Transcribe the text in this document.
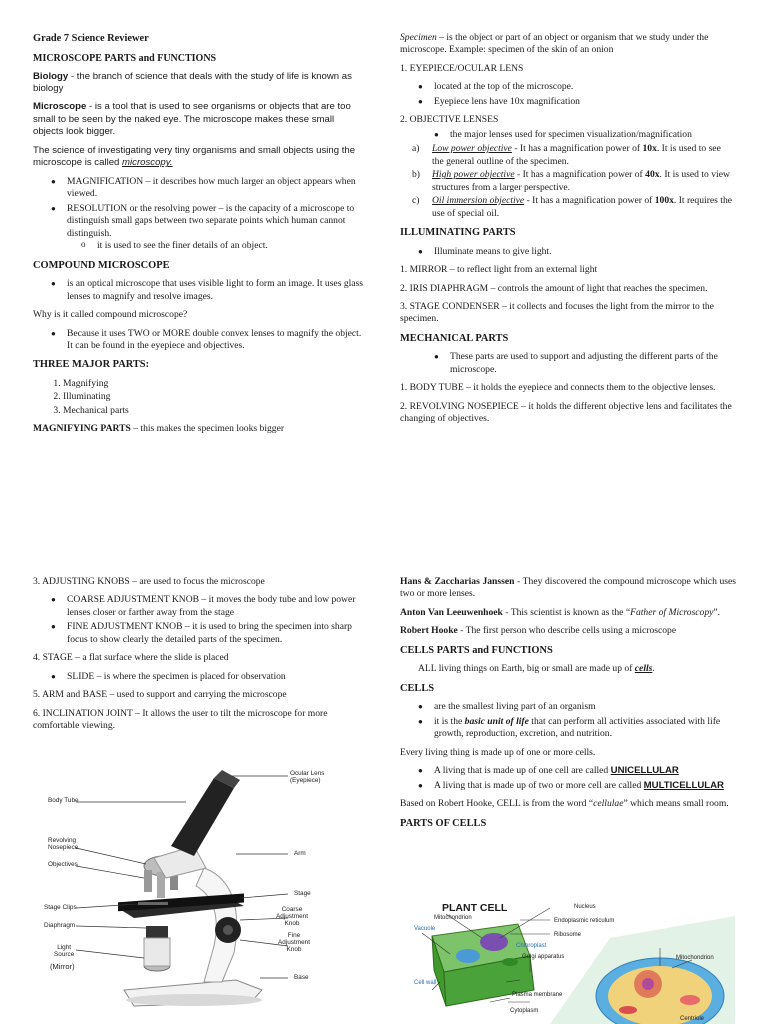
Grade 7 Science Reviewer

MICROSCOPE PARTS and FUNCTIONS

Biology - the branch of science that deals with the study of life is known as biology

Microscope - is a tool that is used to see organisms or objects that are too small to be seen by the naked eye. The microscope makes these small objects look bigger.

The science of investigating very tiny organisms and small objects using the microscope is called microscopy.

● MAGNIFICATION – it describes how much larger an object appears when viewed.
● RESOLUTION or the resolving power – is the capacity of a microscope to distinguish small gaps between two separate points which human cannot distinguish.
o it is used to see the finer details of an object.

COMPOUND MICROSCOPE

● is an optical microscope that uses visible light to form an image. It uses glass lenses to magnify and resolve images.

Why is it called compound microscope?

● Because it uses TWO or MORE double convex lenses to magnify the object. It can be found in the eyepiece and objectives.

THREE MAJOR PARTS:

1. Magnifying
2. Illuminating
3. Mechanical parts

MAGNIFYING PARTS – this makes the specimen looks bigger

Specimen – is the object or part of an object or organism that we study under the microscope. Example: specimen of the skin of an onion

1. EYEPIECE/OCULAR LENS

● located at the top of the microscope.
● Eyepiece lens have 10x magnification

2. OBJECTIVE LENSES

● the major lenses used for specimen visualization/magnification
a) Low power objective - It has a magnification power of 10x. It is used to see the general outline of the specimen.
b) High power objective - It has a magnification power of 40x. It is used to view structures from a larger perspective.
c) Oil immersion objective - It has a magnification power of 100x. It requires the use of special oil.

ILLUMINATING PARTS

● Illuminate means to give light.

1. MIRROR – to reflect light from an external light

2. IRIS DIAPHRAGM – controls the amount of light that reaches the specimen.

3. STAGE CONDENSER – it collects and focuses the light from the mirror to the specimen.

MECHANICAL PARTS

● These parts are used to support and adjusting the different parts of the microscope.

1. BODY TUBE – it holds the eyepiece and connects them to the objective lenses.

2. REVOLVING NOSEPIECE – it holds the different objective lens and facilitates the changing of objectives.

3. ADJUSTING KNOBS – are used to focus the microscope

● COARSE ADJUSTMENT KNOB – it moves the body tube and low power lenses closer or farther away from the stage
● FINE ADJUSTMENT KNOB – it is used to bring the specimen into sharp focus to show clearly the detailed parts of the specimen.

4. STAGE – a flat surface where the slide is placed

● SLIDE – is where the specimen is placed for observation

5. ARM and BASE – used to support and carrying the microscope

6. INCLINATION JOINT – It allows the user to tilt the microscope for more comfortable viewing.

Ocular Lens
(Eyepiece)
Body Tube
Revolving
Nosepiece
Objectives
Arm
Stage
Stage Clips
Diaphragm
Coarse
Adjustment
Knob
Fine
Adjustment
Knob
Light
Source
(Mirror)
Base

Hans & Zaccharias Janssen - They discovered the compound microscope which uses two or more lenses.

Anton Van Leeuwenhoek - This scientist is known as the “Father of Microscopy”.

Robert Hooke - The first person who describe cells using a microscope

CELLS PARTS and FUNCTIONS

ALL living things on Earth, big or small are made up of cells.

CELLS

● are the smallest living part of an organism
● it is the basic unit of life that can perform all activities associated with life growth, reproduction, excretion, and nutrition.

Every living thing is made up of one or more cells.

● A living that is made up of one cell are called UNICELLULAR
● A living that is made up of two or more cell are called MULTICELLULAR

Based on Robert Hooke, CELL is from the word “cellulae” which means small room.

PARTS OF CELLS

PLANT CELL
Mitochondrion
Vacuole
Nucleus
Endoplasmic reticulum
Ribosome
Chloroplast
Golgi apparatus
Cell wall
Plasma membrane
Cytoplasm
Mitochondrion
Centriole
